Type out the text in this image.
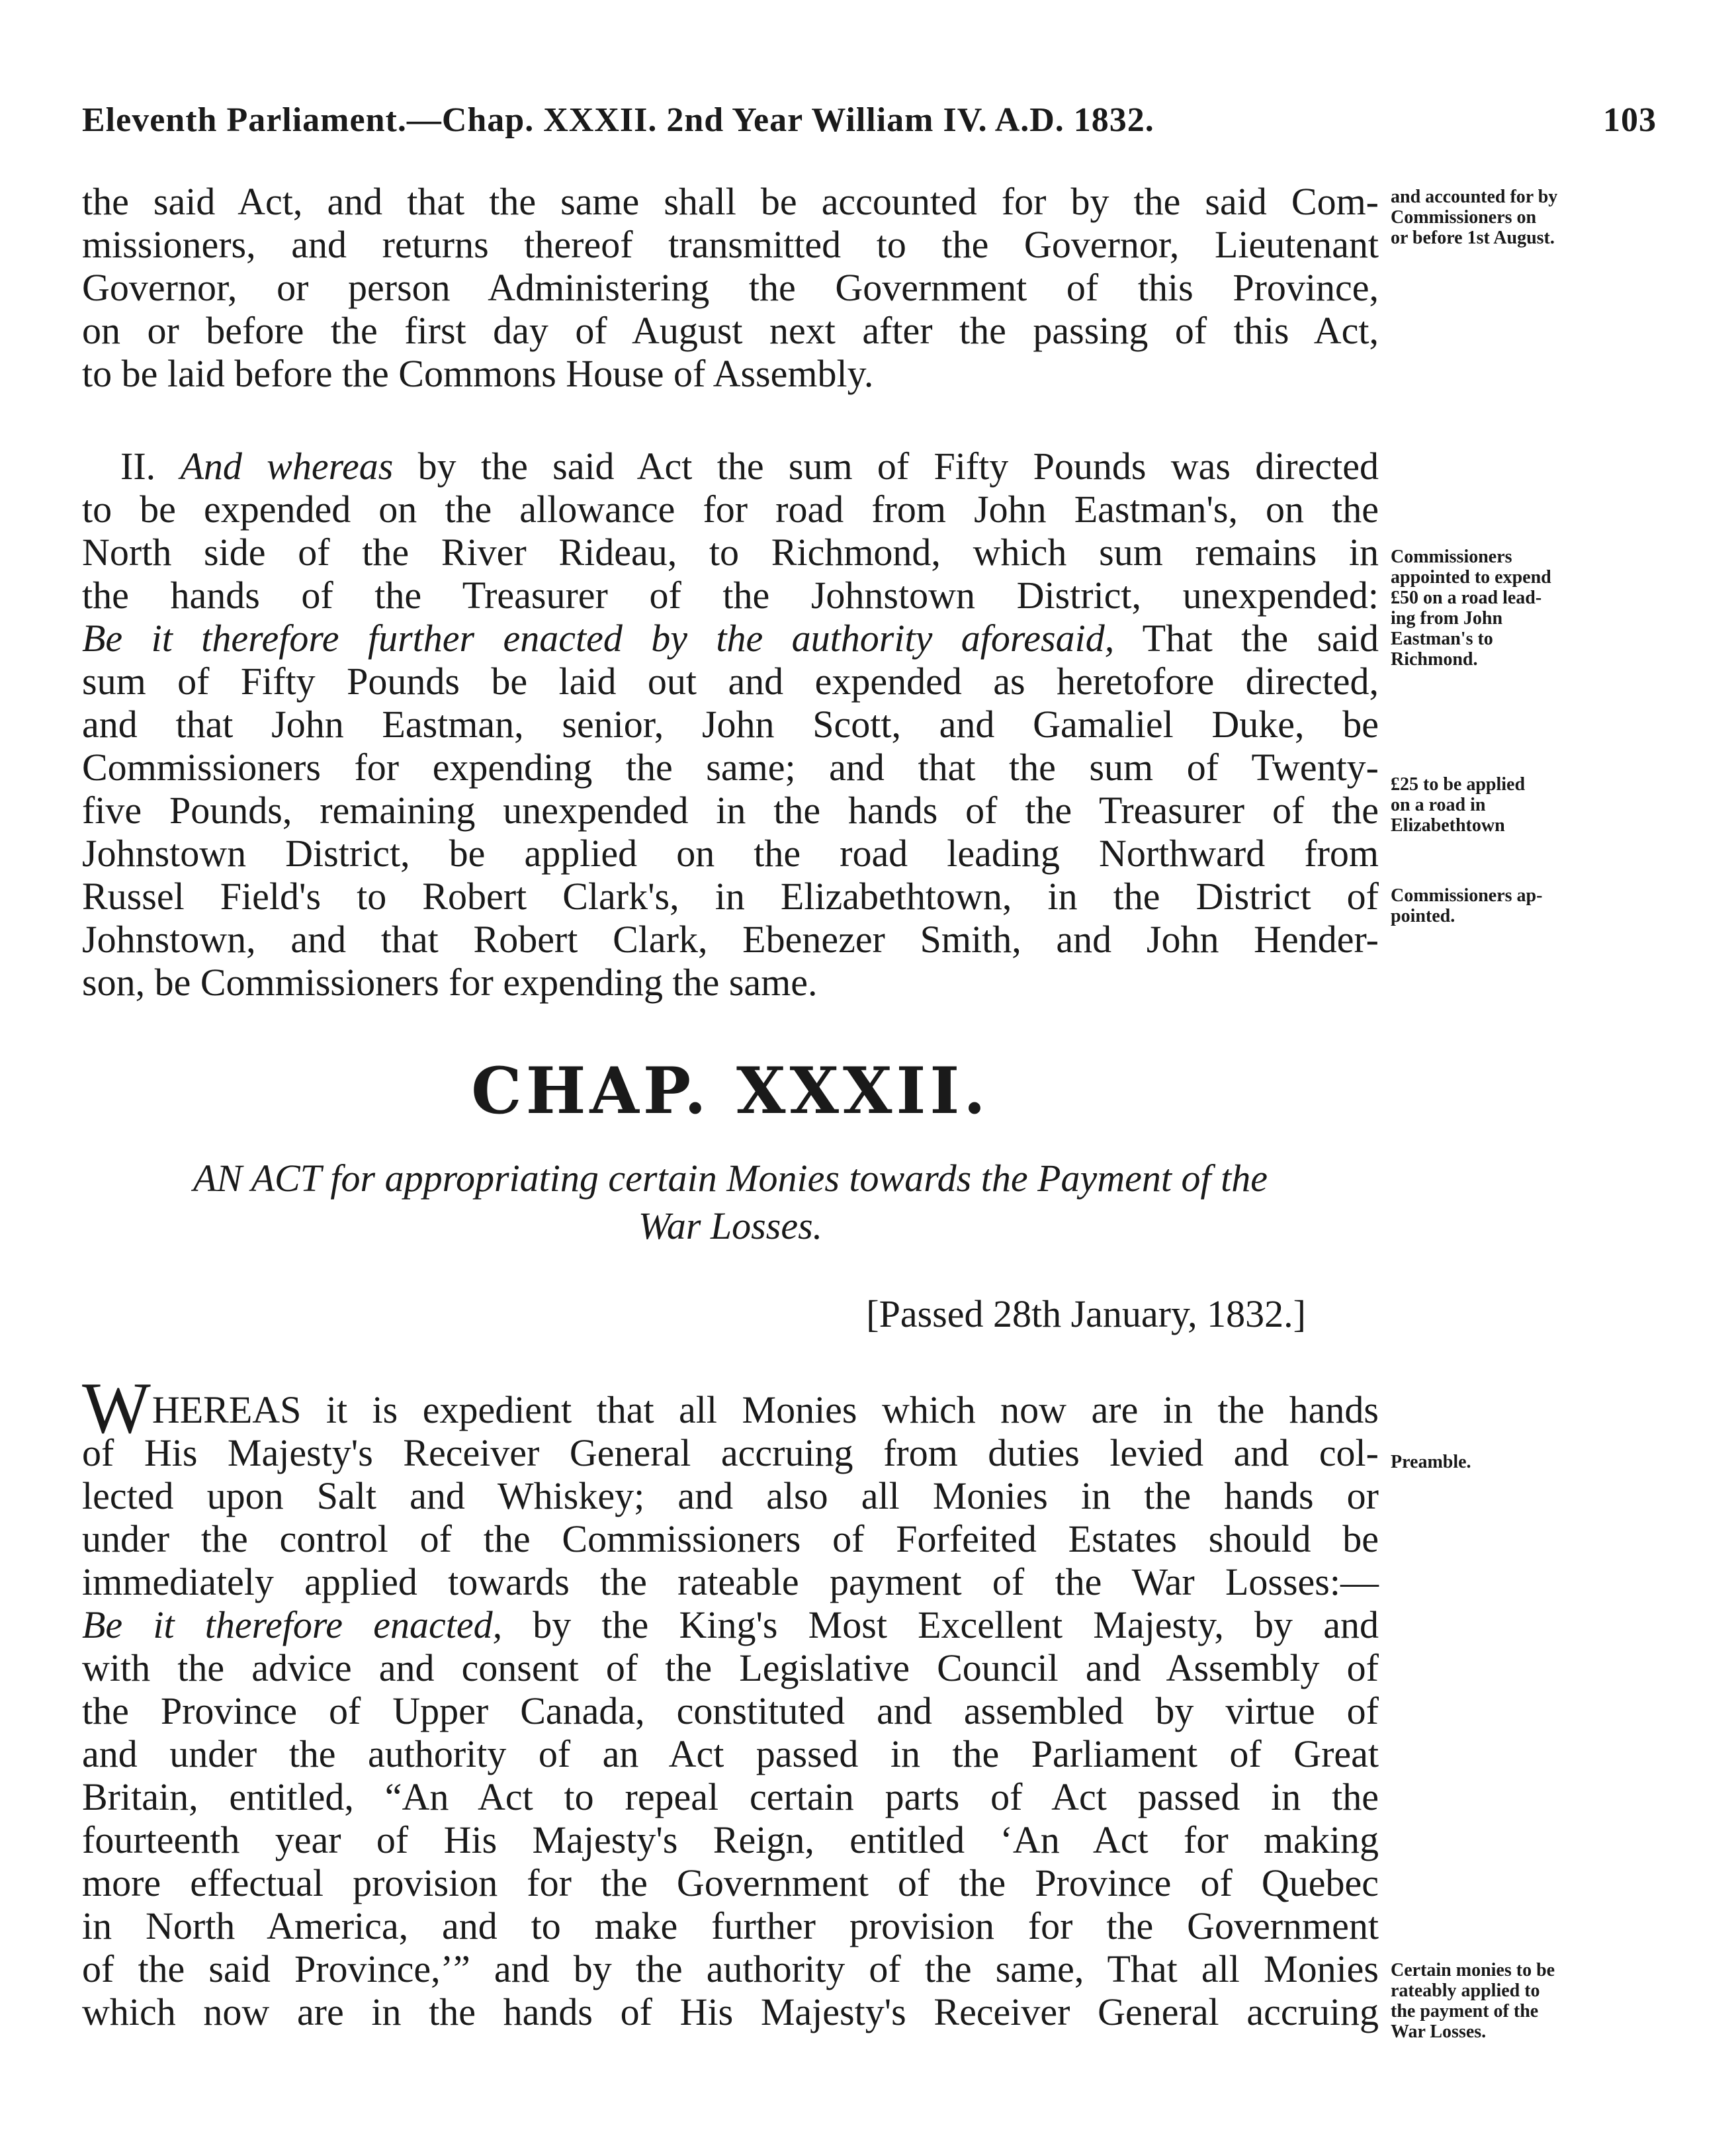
Eleventh Parliament.—Chap. XXXII. 2nd Year William IV. A.D. 1832.	103
the said Act, and that the same shall be accounted for by the said Com-
missioners, and returns thereof transmitted to the Governor, Lieutenant
Governor, or person Administering the Government of this Province,
on or before the first day of August next after the passing of this Act,
to be laid before the Commons House of Assembly.
II. And whereas by the said Act the sum of Fifty Pounds was directed
to be expended on the allowance for road from John Eastman's, on the
North side of the River Rideau, to Richmond, which sum remains in
the hands of the Treasurer of the Johnstown District, unexpended:
Be it therefore further enacted by the authority aforesaid, That the said
sum of Fifty Pounds be laid out and expended as heretofore directed,
and that John Eastman, senior, John Scott, and Gamaliel Duke, be
Commissioners for expending the same; and that the sum of Twenty-
five Pounds, remaining unexpended in the hands of the Treasurer of the
Johnstown District, be applied on the road leading Northward from
Russel Field's to Robert Clark's, in Elizabethtown, in the District of
Johnstown, and that Robert Clark, Ebenezer Smith, and John Hender-
son, be Commissioners for expending the same.
CHAP. XXXII.
AN ACT for appropriating certain Monies towards the Payment of the
War Losses.
[Passed 28th January, 1832.]
WHEREAS it is expedient that all Monies which now are in the hands
of His Majesty's Receiver General accruing from duties levied and col-
lected upon Salt and Whiskey; and also all Monies in the hands or
under the control of the Commissioners of Forfeited Estates should be
immediately applied towards the rateable payment of the War Losses:—
Be it therefore enacted, by the King's Most Excellent Majesty, by and
with the advice and consent of the Legislative Council and Assembly of
the Province of Upper Canada, constituted and assembled by virtue of
and under the authority of an Act passed in the Parliament of Great
Britain, entitled, “An Act to repeal certain parts of Act passed in the
fourteenth year of His Majesty's Reign, entitled ‘An Act for making
more effectual provision for the Government of the Province of Quebec
in North America, and to make further provision for the Government
of the said Province,’” and by the authority of the same, That all Monies
which now are in the hands of His Majesty's Receiver General accruing
and accounted for by
Commissioners on
or before 1st August.
Commissioners
appointed to expend
£50 on a road lead-
ing from John
Eastman's to
Richmond.
£25 to be applied
on a road in
Elizabethtown
Commissioners ap-
pointed.
Preamble.
Certain monies to be
rateably applied to
the payment of the
War Losses.
